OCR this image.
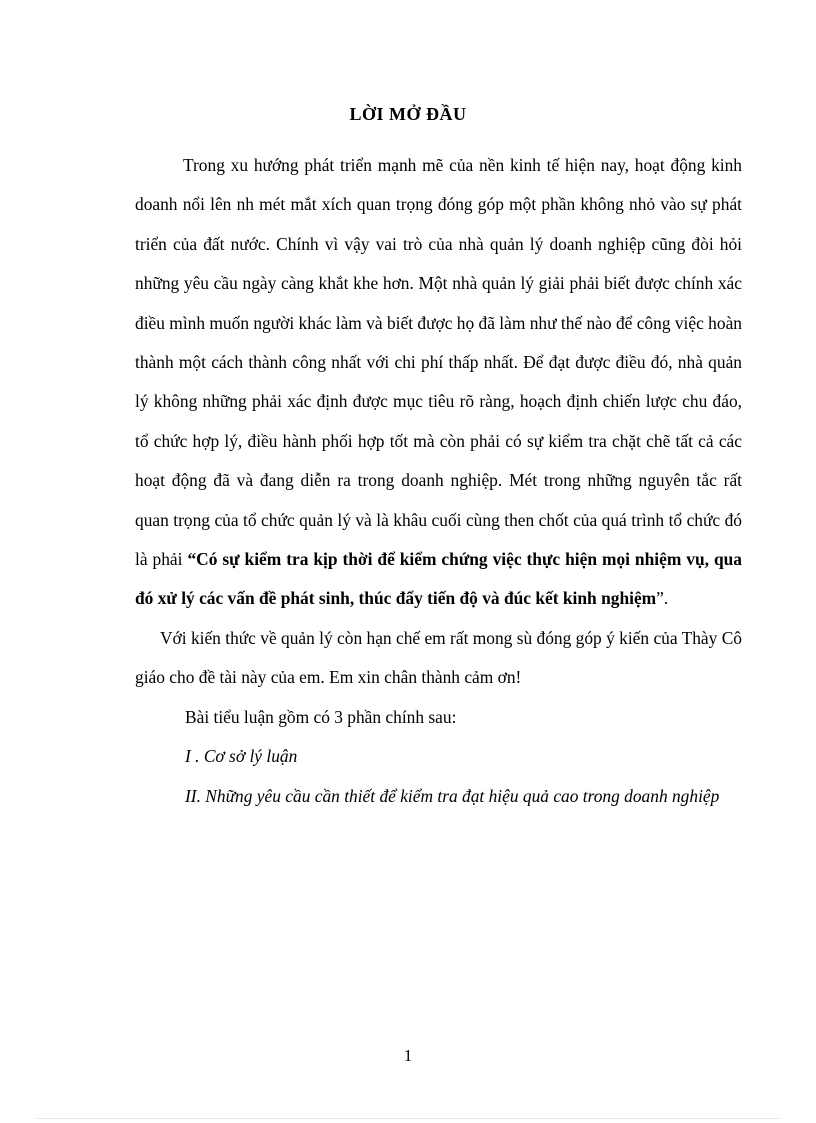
LỜI MỞ ĐẦU

Trong xu hướng phát triển mạnh mẽ của nền kinh tế hiện nay, hoạt động kinh doanh nổi lên nh mét mắt xích quan trọng đóng góp một phần không nhỏ vào sự phát triển của đất nước. Chính vì vậy vai trò của nhà quản lý doanh nghiệp cũng đòi hỏi những yêu cầu ngày càng khắt khe hơn. Một nhà quản lý giải phải biết được chính xác điều mình muốn người khác làm và biết được họ đã làm như thế nào để công việc hoàn thành một cách thành công nhất với chi phí thấp nhất. Để đạt được điều đó, nhà quản lý không những phải xác định được mục tiêu rõ ràng, hoạch định chiến lược chu đáo, tổ chức hợp lý, điều hành phối hợp tốt mà còn phải có sự kiểm tra chặt chẽ tất cả các hoạt động đã và đang diễn ra trong doanh nghiệp. Mét trong những nguyên tắc rất quan trọng của tổ chức quản lý và là khâu cuối cùng then chốt của quá trình tổ chức đó là phải “Có sự kiểm tra kịp thời để kiểm chứng việc thực hiện mọi nhiệm vụ, qua đó xử lý các vấn đề phát sinh, thúc đẩy tiến độ và đúc kết kinh nghiệm”.

Với kiến thức về quản lý còn hạn chế em rất mong sù đóng góp ý kiến của Thày Cô giáo cho đề tài này của em. Em xin chân thành cảm ơn!

Bài tiểu luận gồm có 3 phần chính sau:

I . Cơ sở lý luận

II. Những yêu cầu cần thiết để kiểm tra đạt hiệu quả cao trong doanh nghiệp

1
